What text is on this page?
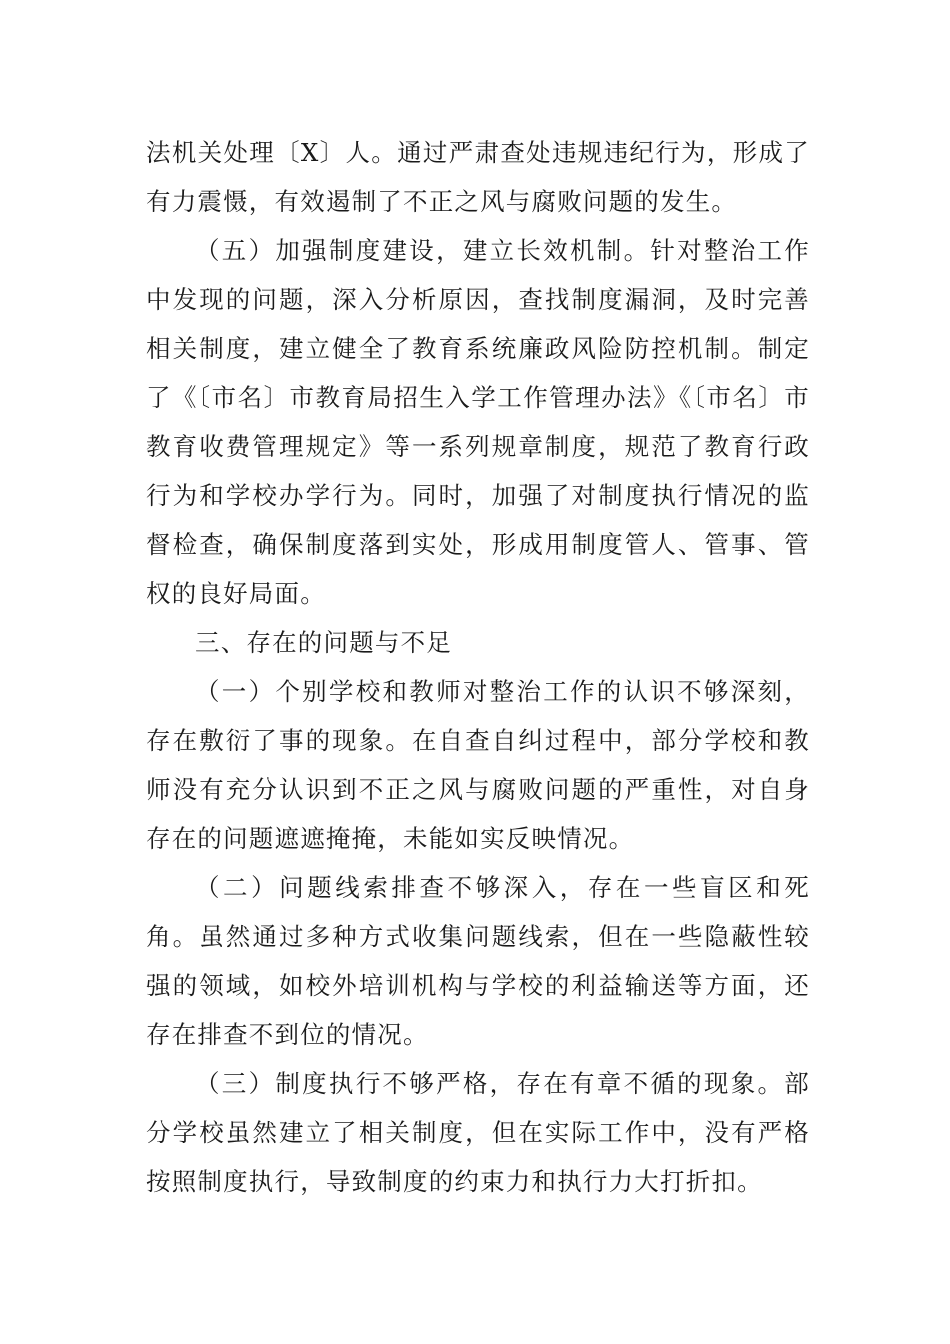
法机关处理〔X〕人。通过严肃查处违规违纪行为，形成了有力震慑，有效遏制了不正之风与腐败问题的发生。

（五）加强制度建设，建立长效机制。针对整治工作中发现的问题，深入分析原因，查找制度漏洞，及时完善相关制度，建立健全了教育系统廉政风险防控机制。制定了《〔市名〕市教育局招生入学工作管理办法》《〔市名〕市教育收费管理规定》等一系列规章制度，规范了教育行政行为和学校办学行为。同时，加强了对制度执行情况的监督检查，确保制度落到实处，形成用制度管人、管事、管权的良好局面。

三、存在的问题与不足

（一）个别学校和教师对整治工作的认识不够深刻，存在敷衍了事的现象。在自查自纠过程中，部分学校和教师没有充分认识到不正之风与腐败问题的严重性，对自身存在的问题遮遮掩掩，未能如实反映情况。

（二）问题线索排查不够深入，存在一些盲区和死角。虽然通过多种方式收集问题线索，但在一些隐蔽性较强的领域，如校外培训机构与学校的利益输送等方面，还存在排查不到位的情况。

（三）制度执行不够严格，存在有章不循的现象。部分学校虽然建立了相关制度，但在实际工作中，没有严格按照制度执行，导致制度的约束力和执行力大打折扣。
